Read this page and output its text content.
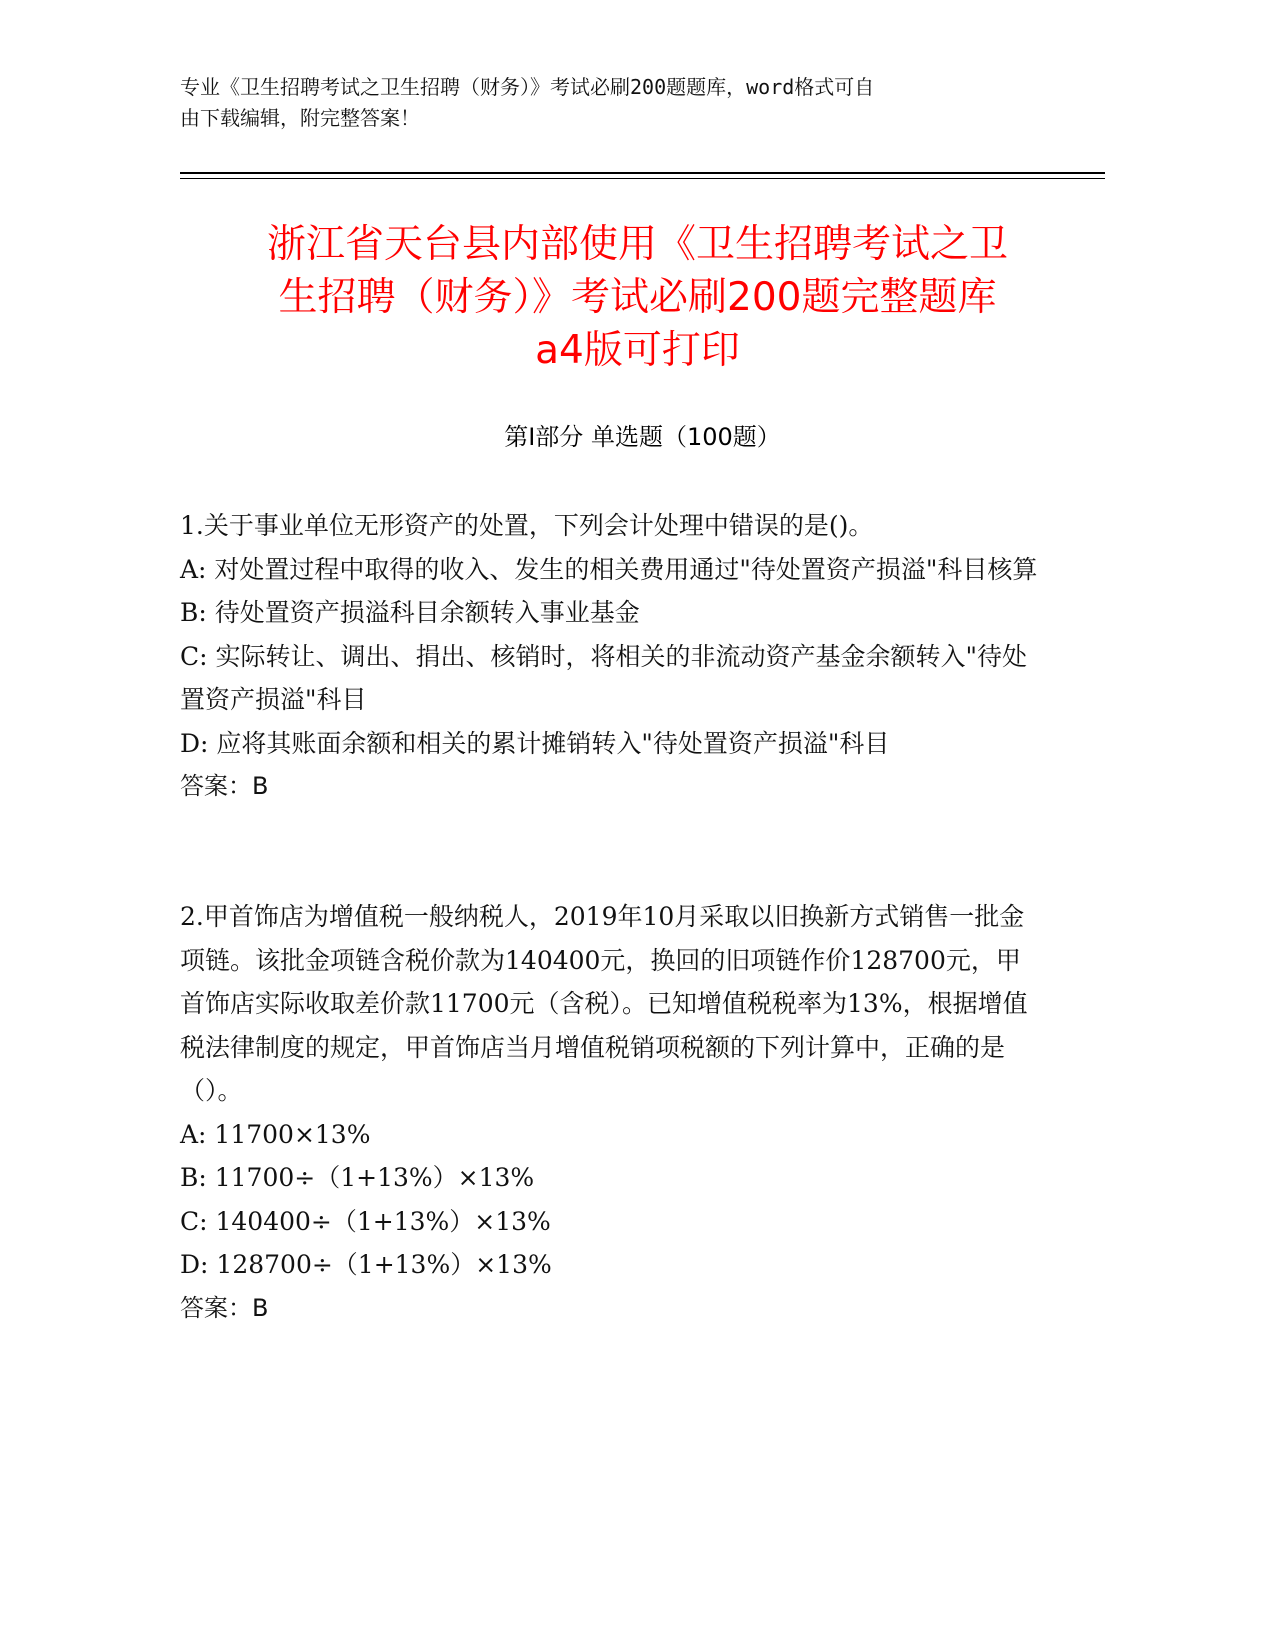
专业《卫生招聘考试之卫生招聘（财务）》考试必刷200题题库，word格式可自
由下载编辑，附完整答案！
浙江省天台县内部使用《卫生招聘考试之卫
生招聘（财务）》考试必刷200题完整题库
a4版可打印
第I部分 单选题（100题）

1.关于事业单位无形资产的处置，下列会计处理中错误的是()。

A: 对处置过程中取得的收入、发生的相关费用通过"待处置资产损溢"科目核算

B: 待处置资产损溢科目余额转入事业基金

C: 实际转让、调出、捐出、核销时，将相关的非流动资产基金余额转入"待处置资产损溢"科目

D: 应将其账面余额和相关的累计摊销转入"待处置资产损溢"科目

答案：B

2.甲首饰店为增值税一般纳税人，2019年10月采取以旧换新方式销售一批金项链。该批金项链含税价款为140400元，换回的旧项链作价128700元，甲首饰店实际收取差价款11700元（含税）。已知增值税税率为13%，根据增值税法律制度的规定，甲首饰店当月增值税销项税额的下列计算中，正确的是（）。

A: 11700×13%

B: 11700÷（1+13%）×13%

C: 140400÷（1+13%）×13%

D: 128700÷（1+13%）×13%

答案：B
